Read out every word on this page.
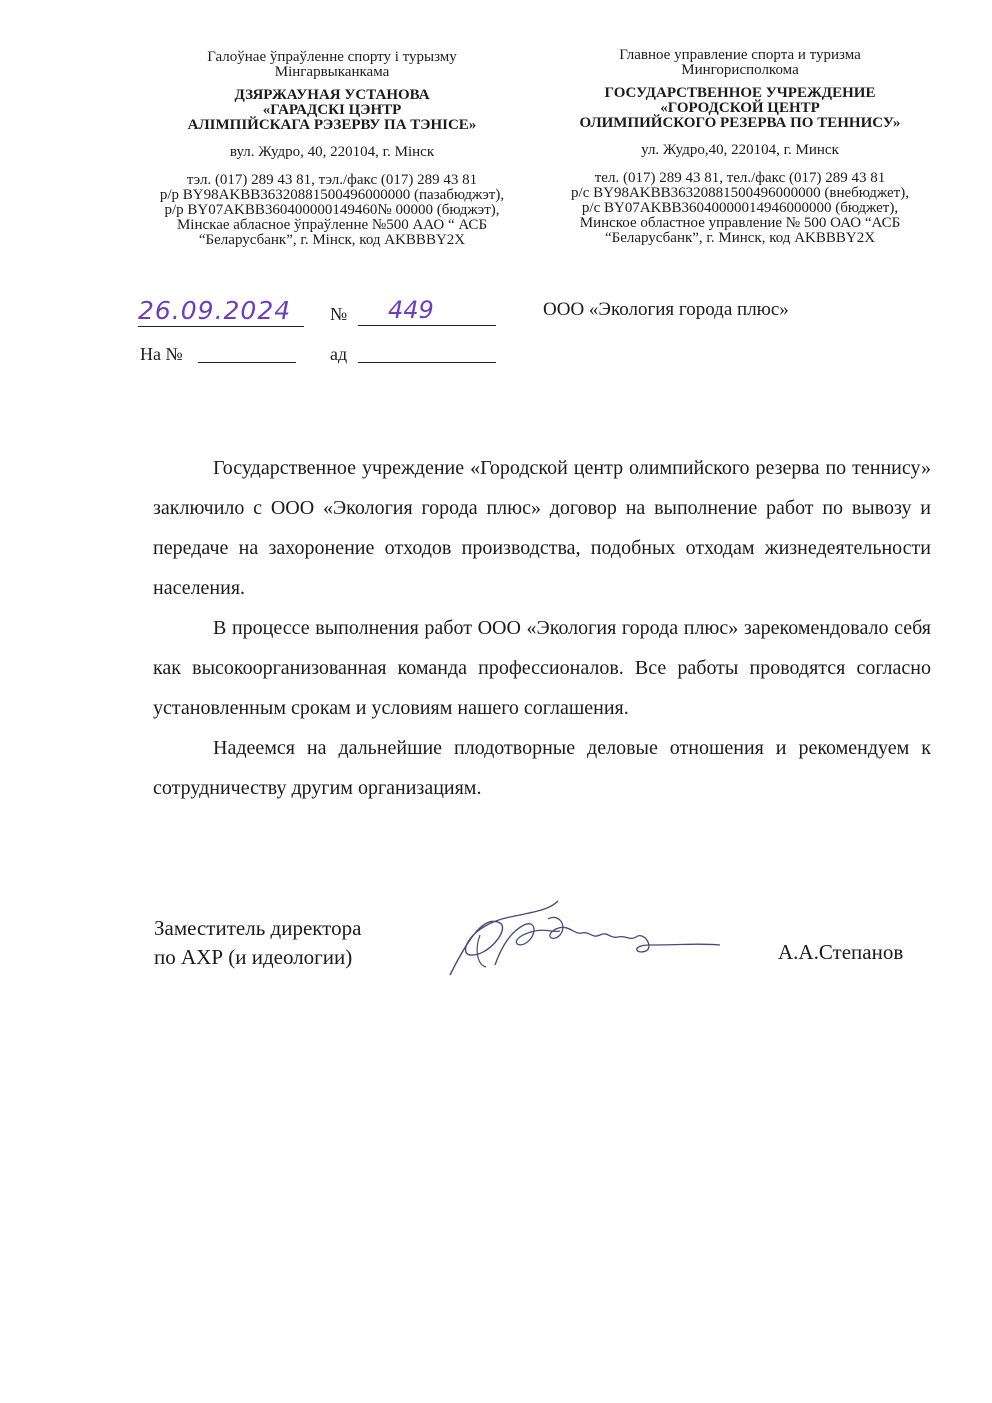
Галоўнае ўпраўленне спорту і турызму
Мінгарвыканкама
ДЗЯРЖАУНАЯ УСТАНОВА
«ГАРАДСКІ ЦЭНТР
АЛІМПІЙСКАГА РЭЗЕРВУ ПА ТЭНІСЕ»
вул. Жудро, 40, 220104, г. Мінск
тэл. (017) 289 43 81, тэл./факс (017) 289 43 81
р/р BY98AKBB36320881500496000000 (пазабюджэт),
р/р BY07AKBB360400000149460№ 00000 (бюджэт),
Мінскае абласное ўпраўленне №500 ААО “ АСБ
“Беларусбанк”, г. Мінск, код AKBBBY2X
Главное управление спорта и туризма
Мингорисполкома
ГОСУДАРСТВЕННОЕ УЧРЕЖДЕНИЕ
«ГОРОДСКОЙ ЦЕНТР
ОЛИМПИЙСКОГО РЕЗЕРВА ПО ТЕННИСУ»
ул. Жудро,40, 220104, г. Минск
тел. (017) 289 43 81, тел./факс (017) 289 43 81
р/с BY98AKBB36320881500496000000 (внебюджет),
р/с BY07AKBB36040000014946000000 (бюджет),
Минское областное управление № 500 ОАО “АСБ
“Беларусбанк”, г. Минск, код AKBBBY2X
26.09.2024	№	449
На №	ад
ООО «Экология города плюс»

Государственное учреждение «Городской центр олимпийского резерва по теннису» заключило с ООО «Экология города плюс» договор на выполнение работ по вывозу и передаче на захоронение отходов производства, подобных отходам жизнедеятельности населения.

В процессе выполнения работ ООО «Экология города плюс» зарекомендовало себя как высокоорганизованная команда профессионалов. Все работы проводятся согласно установленным срокам и условиям нашего соглашения.

Надеемся на дальнейшие плодотворные деловые отношения и рекомендуем к сотрудничеству другим организациям.

Заместитель директора
по АХР (и идеологии)	А.А.Степанов
